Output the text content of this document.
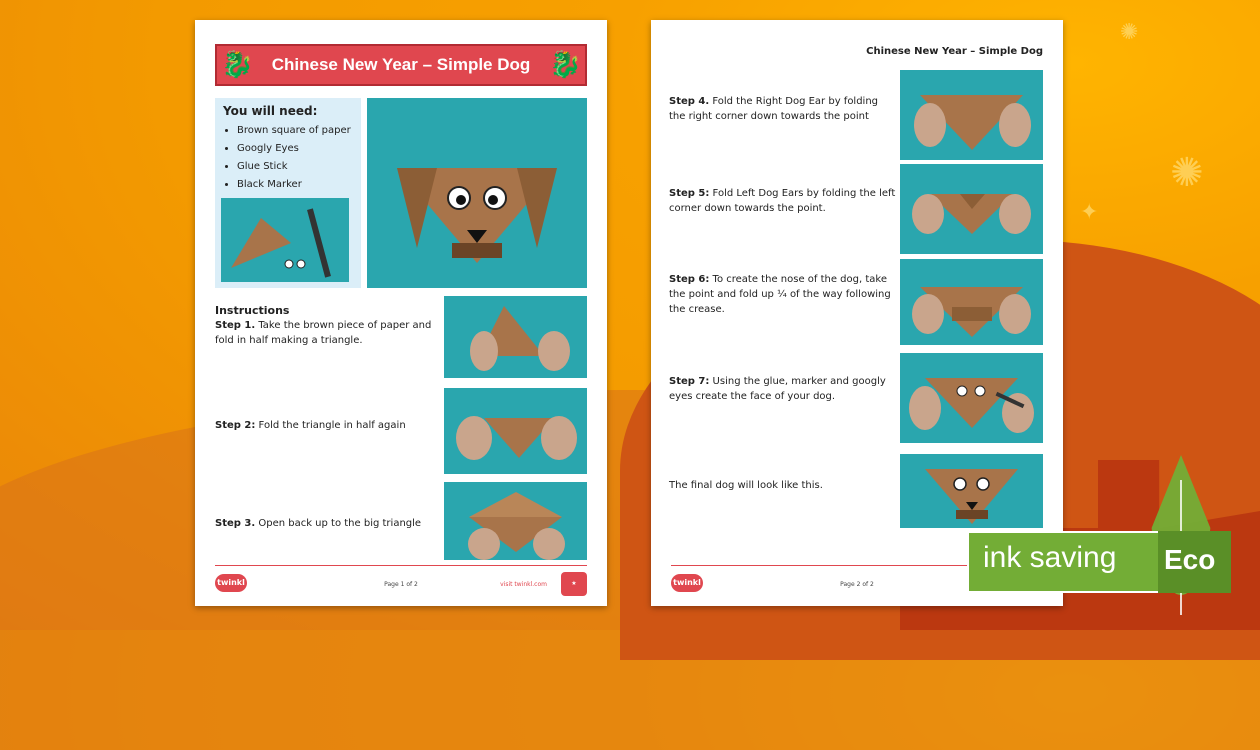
✺
✺
✦
🐉 Chinese New Year – Simple Dog 🐉
You will need:
• Brown square of paper
• Googly Eyes
• Glue Stick
• Black Marker
Instructions
Step 1. Take the brown piece of paper and fold in half making a triangle.
Step 2: Fold the triangle in half again
Step 3. Open back up to the big triangle
twinkl	Page 1 of 2	visit twinkl.com	★
Chinese New Year – Simple Dog
Step 4. Fold the Right Dog Ear by folding the right corner down towards the point
Step 5: Fold Left Dog Ears by folding the left corner down towards the point.
Step 6: To create the nose of the dog, take the point and fold up ¼ of the way following the crease.
Step 7: Using the glue, marker and googly eyes create the face of your dog.
The final dog will look like this.
twinkl	Page 2 of 2
ink saving Eco
